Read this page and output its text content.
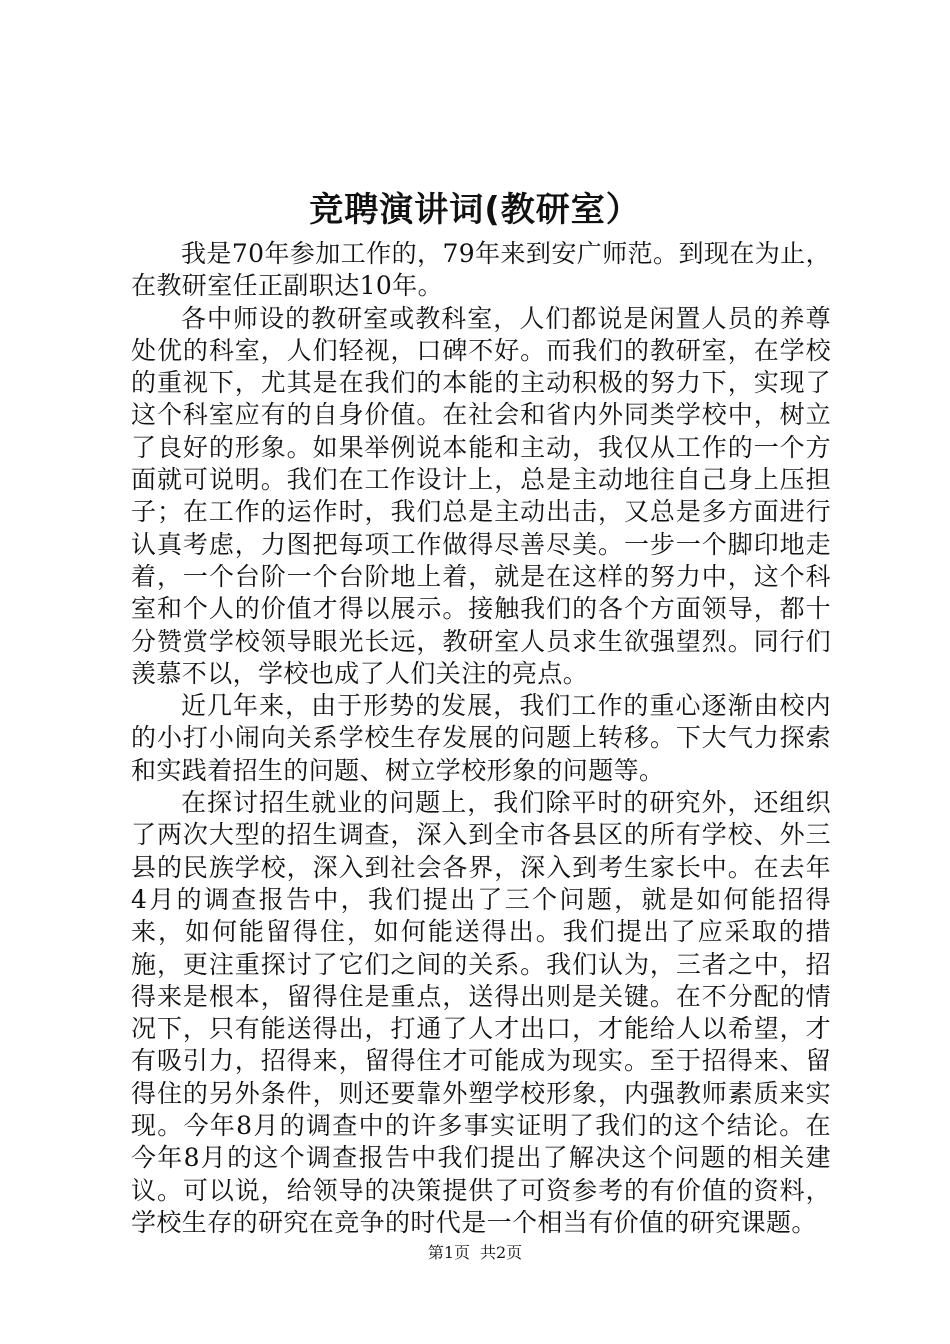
竞聘演讲词(教研室）

我是70年参加工作的，79年来到安广师范。到现在为止，在教研室任正副职达10年。

各中师设的教研室或教科室，人们都说是闲置人员的养尊处优的科室，人们轻视，口碑不好。而我们的教研室，在学校的重视下，尤其是在我们的本能的主动积极的努力下，实现了这个科室应有的自身价值。在社会和省内外同类学校中，树立了良好的形象。如果举例说本能和主动，我仅从工作的一个方面就可说明。我们在工作设计上，总是主动地往自己身上压担子；在工作的运作时，我们总是主动出击，又总是多方面进行认真考虑，力图把每项工作做得尽善尽美。一步一个脚印地走着，一个台阶一个台阶地上着，就是在这样的努力中，这个科室和个人的价值才得以展示。接触我们的各个方面领导，都十分赞赏学校领导眼光长远，教研室人员求生欲强望烈。同行们羡慕不以，学校也成了人们关注的亮点。

近几年来，由于形势的发展，我们工作的重心逐渐由校内的小打小闹向关系学校生存发展的问题上转移。下大气力探索和实践着招生的问题、树立学校形象的问题等。

在探讨招生就业的问题上，我们除平时的研究外，还组织了两次大型的招生调查，深入到全市各县区的所有学校、外三县的民族学校，深入到社会各界，深入到考生家长中。在去年4月的调查报告中，我们提出了三个问题，就是如何能招得来，如何能留得住，如何能送得出。我们提出了应采取的措施，更注重探讨了它们之间的关系。我们认为，三者之中，招得来是根本，留得住是重点，送得出则是关键。在不分配的情况下，只有能送得出，打通了人才出口，才能给人以希望，才有吸引力，招得来，留得住才可能成为现实。至于招得来、留得住的另外条件，则还要靠外塑学校形象，内强教师素质来实现。今年8月的调查中的许多事实证明了我们的这个结论。在今年8月的这个调查报告中我们提出了解决这个问题的相关建议。可以说，给领导的决策提供了可资参考的有价值的资料，学校生存的研究在竞争的时代是一个相当有价值的研究课题。

第1页 共2页
